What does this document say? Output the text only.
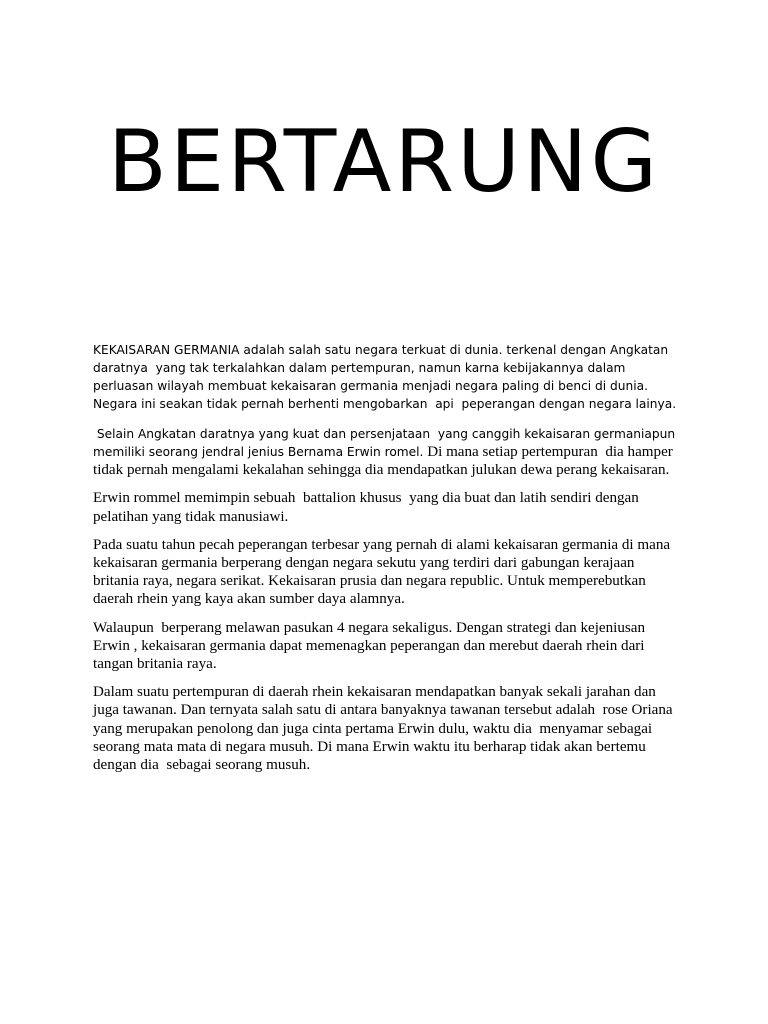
BERTARUNG

KEKAISARAN GERMANIA adalah salah satu negara terkuat di dunia. terkenal dengan Angkatan daratnya  yang tak terkalahkan dalam pertempuran, namun karna kebijakannya dalam perluasan wilayah membuat kekaisaran germania menjadi negara paling di benci di dunia. Negara ini seakan tidak pernah berhenti mengobarkan  api  peperangan dengan negara lainya.

Selain Angkatan daratnya yang kuat dan persenjataan  yang canggih kekaisaran germaniapun memiliki seorang jendral jenius Bernama Erwin romel. Di mana setiap pertempuran  dia hamper tidak pernah mengalami kekalahan sehingga dia mendapatkan julukan dewa perang kekaisaran.

Erwin rommel memimpin sebuah  battalion khusus  yang dia buat dan latih sendiri dengan pelatihan yang tidak manusiawi.

Pada suatu tahun pecah peperangan terbesar yang pernah di alami kekaisaran germania di mana kekaisaran germania berperang dengan negara sekutu yang terdiri dari gabungan kerajaan britania raya, negara serikat. Kekaisaran prusia dan negara republic. Untuk memperebutkan daerah rhein yang kaya akan sumber daya alamnya.

Walaupun  berperang melawan pasukan 4 negara sekaligus. Dengan strategi dan kejeniusan Erwin , kekaisaran germania dapat memenagkan peperangan dan merebut daerah rhein dari tangan britania raya.

Dalam suatu pertempuran di daerah rhein kekaisaran mendapatkan banyak sekali jarahan dan juga tawanan. Dan ternyata salah satu di antara banyaknya tawanan tersebut adalah  rose Oriana yang merupakan penolong dan juga cinta pertama Erwin dulu, waktu dia  menyamar sebagai seorang mata mata di negara musuh. Di mana Erwin waktu itu berharap tidak akan bertemu dengan dia  sebagai seorang musuh.
